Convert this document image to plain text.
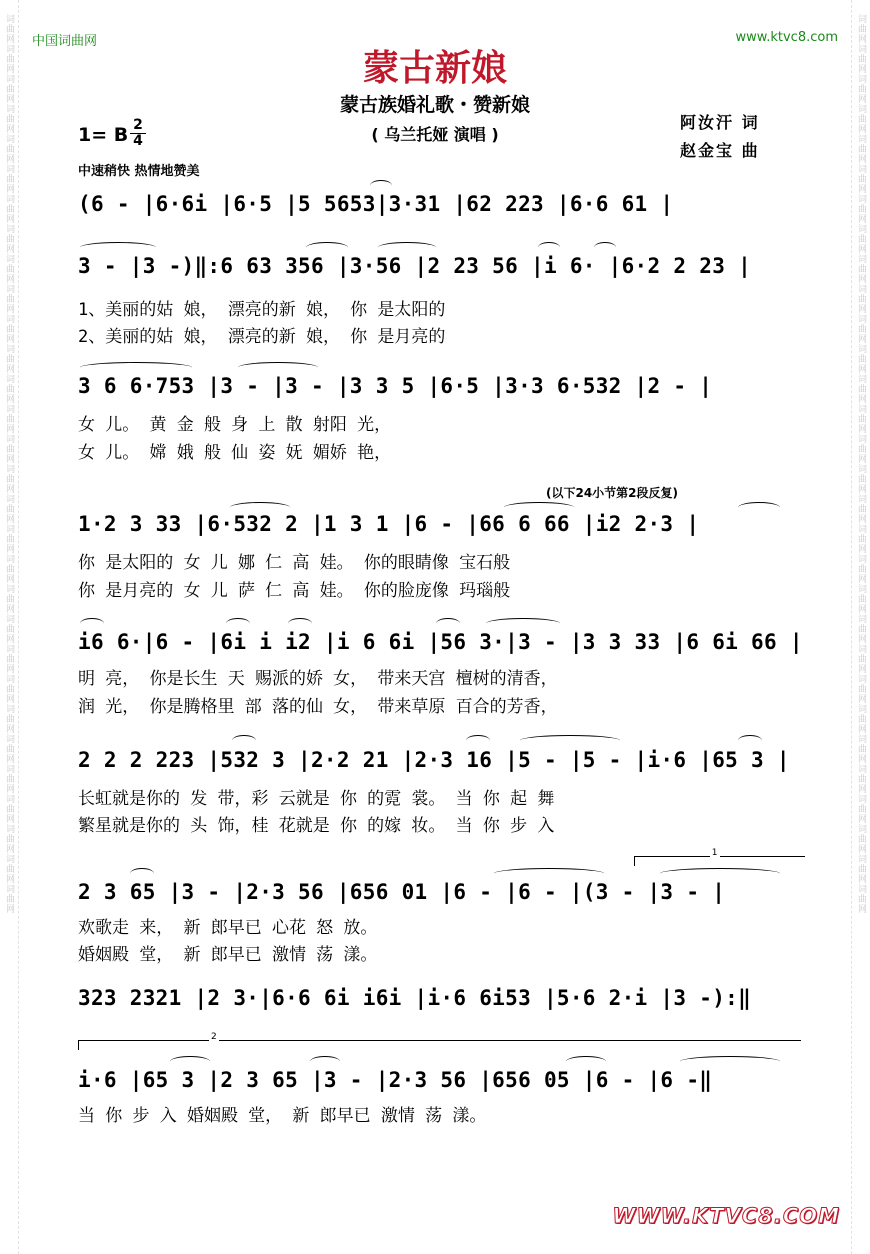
词曲网词曲网词曲网词曲网词曲网词曲网词曲网词曲网词曲网词曲网词曲网词曲网词曲网词曲网词曲网词曲网词曲网词曲网词曲网词曲网词曲网词曲网词曲网词曲网词曲网词曲网词曲网词曲网词曲网词曲网	词曲网词曲网词曲网词曲网词曲网词曲网词曲网词曲网词曲网词曲网词曲网词曲网词曲网词曲网词曲网词曲网词曲网词曲网词曲网词曲网词曲网词曲网词曲网词曲网词曲网词曲网词曲网词曲网词曲网词曲网
中国词曲网	www.ktvc8.com
蒙古新娘
蒙古族婚礼歌・赞新娘
( 乌兰托娅 演唱 )
阿汝汗 词
赵金宝 曲
1= B 2
4
中速稍快 热情地赞美
(6 - |6·6i |6·5 |5 5653|3·31 |62 223 |6·6 61 |
3 - |3 -)‖:6 63 356 |3·56 |2 23 56 |i 6· |6·2 2 23 |
1、美丽的姑 娘， 漂亮的新 娘， 你 是太阳的
2、美丽的姑 娘， 漂亮的新 娘， 你 是月亮的
3 6 6·753 |3 - |3 - |3 3 5 |6·5 |3·3 6·532 |2 - |
女 儿。 黄 金 般 身 上 散 射阳 光，
女 儿。 嫦 娥 般 仙 姿 妩 媚娇 艳，
(以下24小节第2段反复)
1·2 3 33 |6·532 2 |1 3 1 |6 - |66 6 66 |i2 2·3 |
你 是太阳的 女 儿 娜 仁 高 娃。 你的眼睛像 宝石般
你 是月亮的 女 儿 萨 仁 高 娃。 你的脸庞像 玛瑙般
i6 6·|6 - |6i i i2 |i 6 6i |56 3·|3 - |3 3 33 |6 6i 66 |
明 亮， 你是长生 天 赐派的娇 女， 带来天宫 檀树的清香，
润 光， 你是腾格里 部 落的仙 女， 带来草原 百合的芳香，
2 2 2 223 |532 3 |2·2 21 |2·3 16 |5 - |5 - |i·6 |65 3 |
长虹就是你的 发 带，彩 云就是 你 的霓 裳。 当 你 起 舞
繁星就是你的 头 饰，桂 花就是 你 的嫁 妆。 当 你 步 入
1
2 3 65 |3 - |2·3 56 |656 01 |6 - |6 - |(3 - |3 - |
欢歌走 来， 新 郎早已 心花 怒 放。
婚姻殿 堂， 新 郎早已 激情 荡 漾。
323 2321 |2 3·|6·6 6i i6i |i·6 6i53 |5·6 2·i |3 -):‖
2
i·6 |65 3 |2 3 65 |3 - |2·3 56 |656 05 |6 - |6 -‖
当 你 步 入 婚姻殿 堂， 新 郎早已 激情 荡 漾。
WWW.KTVC8.COM
